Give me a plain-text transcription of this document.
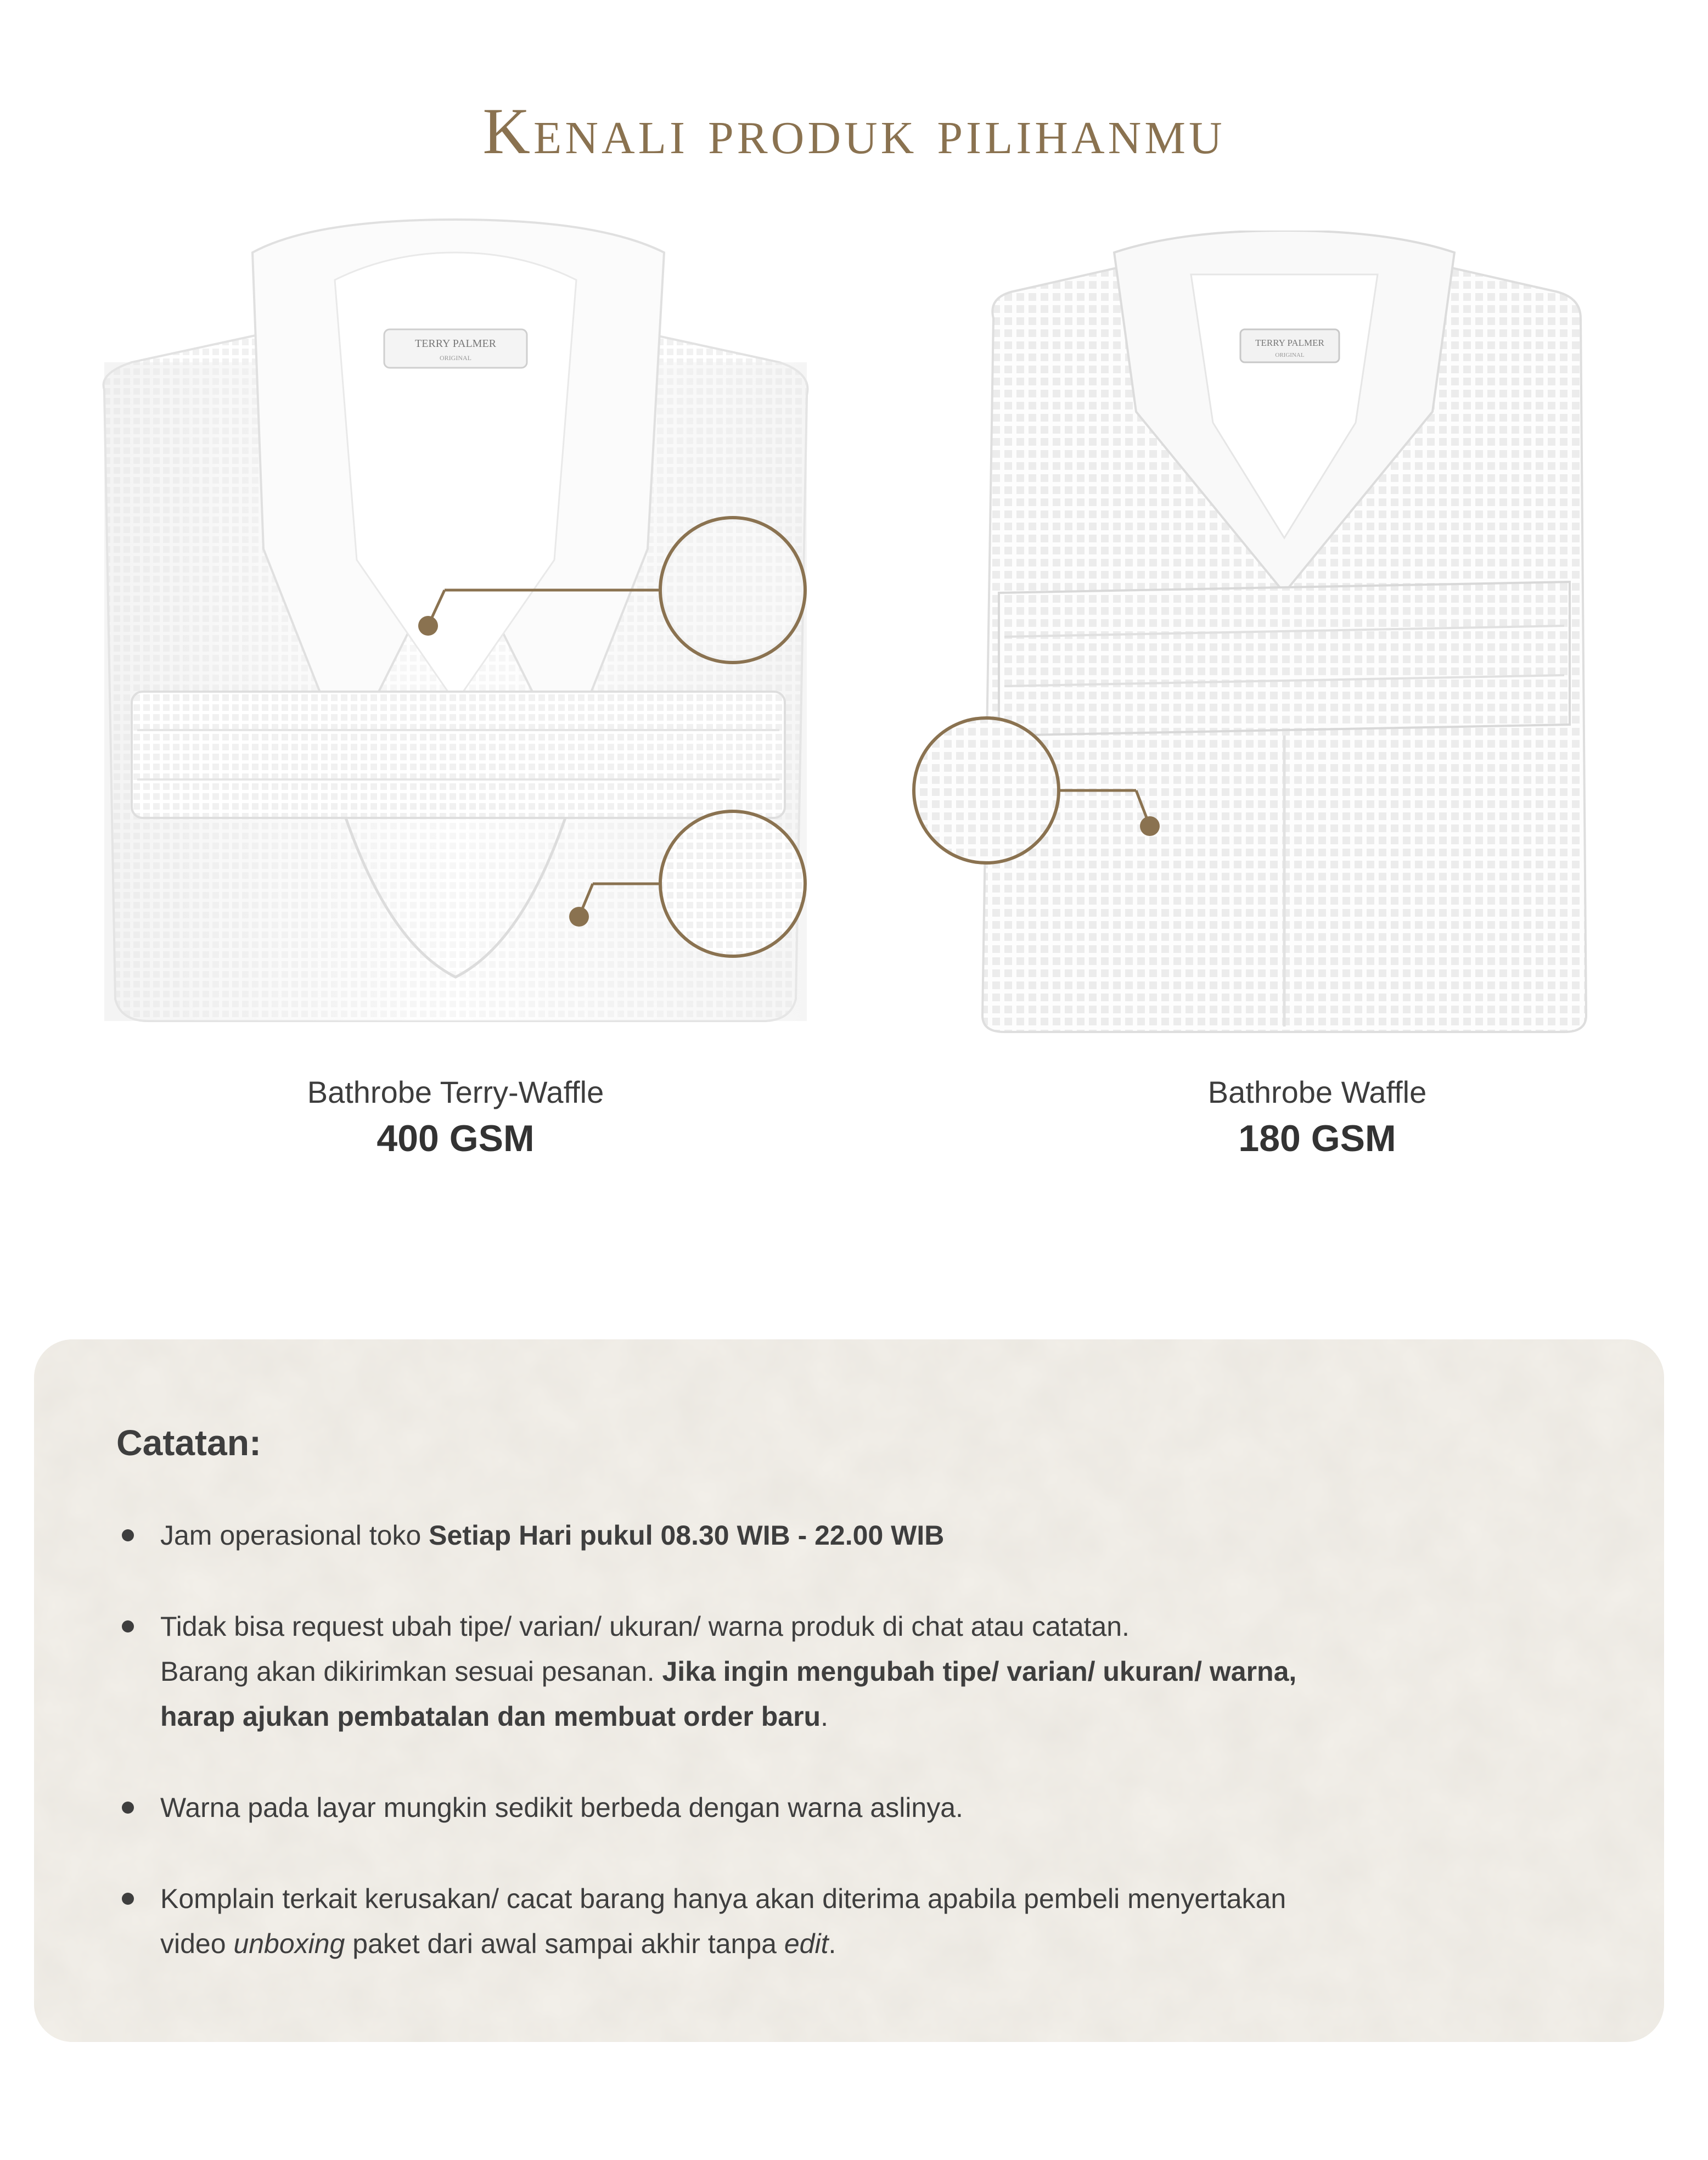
Kenali produk pilihanmu
TERRY PALMER
ORIGINAL
Bathrobe Terry-Waffle
400 GSM
TERRY PALMER
ORIGINAL
Bathrobe Waffle
180 GSM
Catatan:
Jam operasional toko Setiap Hari pukul 08.30 WIB - 22.00 WIB
Tidak bisa request ubah tipe/ varian/ ukuran/ warna produk di chat atau catatan.
Barang akan dikirimkan sesuai pesanan. Jika ingin mengubah tipe/ varian/ ukuran/ warna,
harap ajukan pembatalan dan membuat order baru.
Warna pada layar mungkin sedikit berbeda dengan warna aslinya.
Komplain terkait kerusakan/ cacat barang hanya akan diterima apabila pembeli menyertakan
video unboxing paket dari awal sampai akhir tanpa edit.
